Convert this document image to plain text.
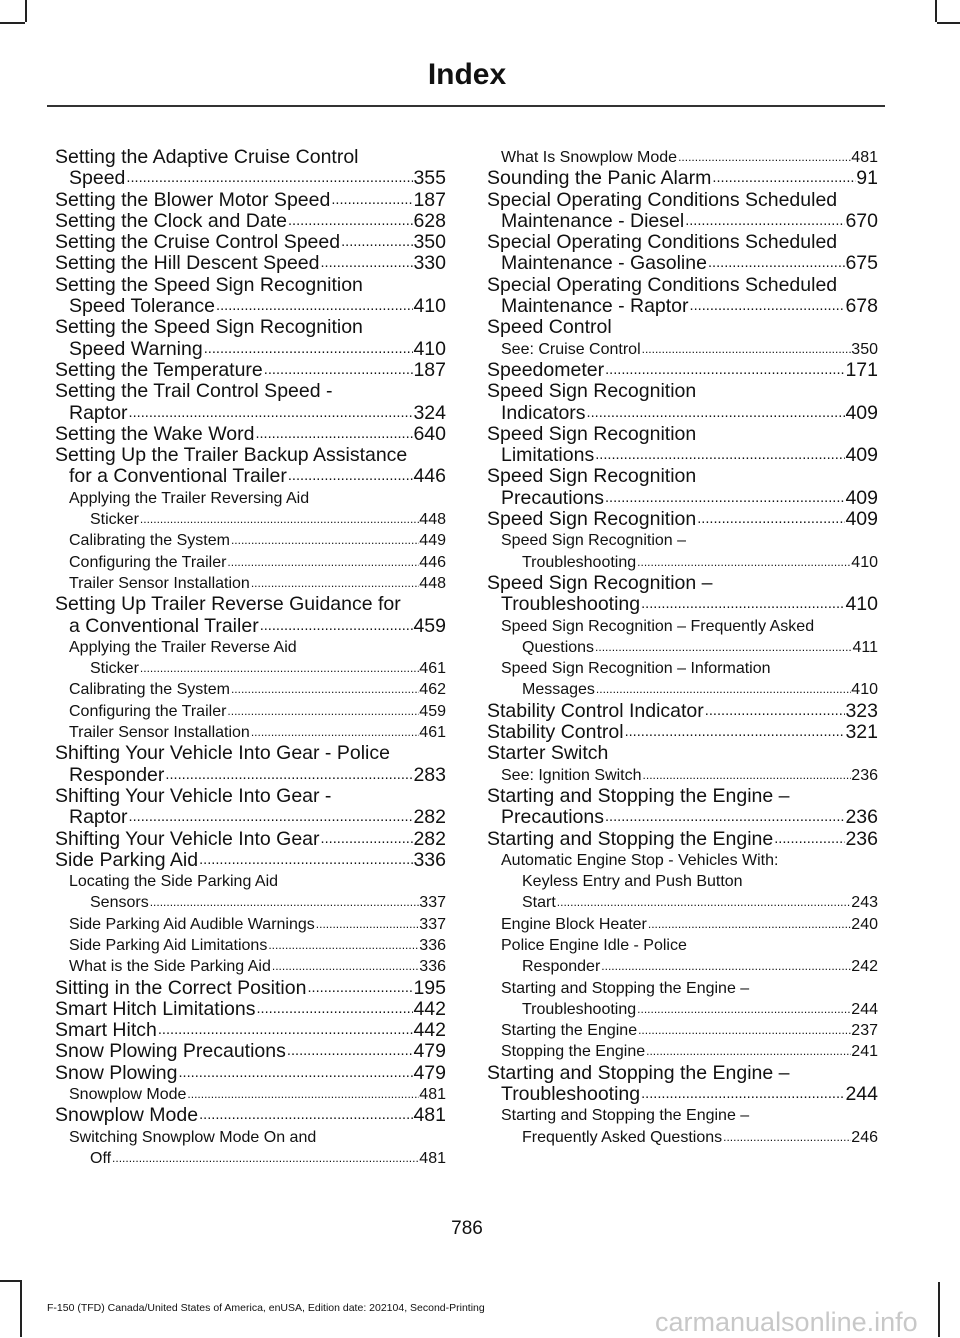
Index
Setting the Adaptive Cruise Control
Speed .....	355
Setting the Blower Motor Speed .....	187
Setting the Clock and Date .....	628
Setting the Cruise Control Speed .....	350
Setting the Hill Descent Speed .....	330
Setting the Speed Sign Recognition
Speed Tolerance .....	410
Setting the Speed Sign Recognition
Speed Warning .....	410
Setting the Temperature .....	187
Setting the Trail Control Speed -
Raptor .....	324
Setting the Wake Word .....	640
Setting Up the Trailer Backup Assistance
for a Conventional Trailer .....	446
Applying the Trailer Reversing Aid
Sticker .....	448
Calibrating the System .....	449
Configuring the Trailer .....	446
Trailer Sensor Installation .....	448
Setting Up Trailer Reverse Guidance for
a Conventional Trailer .....	459
Applying the Trailer Reverse Aid
Sticker .....	461
Calibrating the System .....	462
Configuring the Trailer .....	459
Trailer Sensor Installation .....	461
Shifting Your Vehicle Into Gear - Police
Responder .....	283
Shifting Your Vehicle Into Gear -
Raptor .....	282
Shifting Your Vehicle Into Gear .....	282
Side Parking Aid .....	336
Locating the Side Parking Aid
Sensors .....	337
Side Parking Aid Audible Warnings .....	337
Side Parking Aid Limitations .....	336
What is the Side Parking Aid .....	336
Sitting in the Correct Position .....	195
Smart Hitch Limitations .....	442
Smart Hitch .....	442
Snow Plowing Precautions .....	479
Snow Plowing .....	479
Snowplow Mode .....	481
Snowplow Mode .....	481
Switching Snowplow Mode On and
Off .....	481
What Is Snowplow Mode .....	481
Sounding the Panic Alarm .....	91
Special Operating Conditions Scheduled
Maintenance - Diesel .....	670
Special Operating Conditions Scheduled
Maintenance - Gasoline .....	675
Special Operating Conditions Scheduled
Maintenance - Raptor .....	678
Speed Control
See: Cruise Control .....	350
Speedometer .....	171
Speed Sign Recognition
Indicators .....	409
Speed Sign Recognition
Limitations .....	409
Speed Sign Recognition
Precautions .....	409
Speed Sign Recognition .....	409
Speed Sign Recognition –
Troubleshooting .....	410
Speed Sign Recognition –
Troubleshooting .....	410
Speed Sign Recognition – Frequently Asked
Questions .....	411
Speed Sign Recognition – Information
Messages .....	410
Stability Control Indicator .....	323
Stability Control .....	321
Starter Switch
See: Ignition Switch .....	236
Starting and Stopping the Engine –
Precautions .....	236
Starting and Stopping the Engine .....	236
Automatic Engine Stop - Vehicles With:
Keyless Entry and Push Button
Start .....	243
Engine Block Heater .....	240
Police Engine Idle - Police
Responder .....	242
Starting and Stopping the Engine –
Troubleshooting .....	244
Starting the Engine .....	237
Stopping the Engine .....	241
Starting and Stopping the Engine –
Troubleshooting .....	244
Starting and Stopping the Engine –
Frequently Asked Questions .....	246
786
F-150 (TFD) Canada/United States of America, enUSA, Edition date: 202104, Second-Printing	carmanualsonline.info
